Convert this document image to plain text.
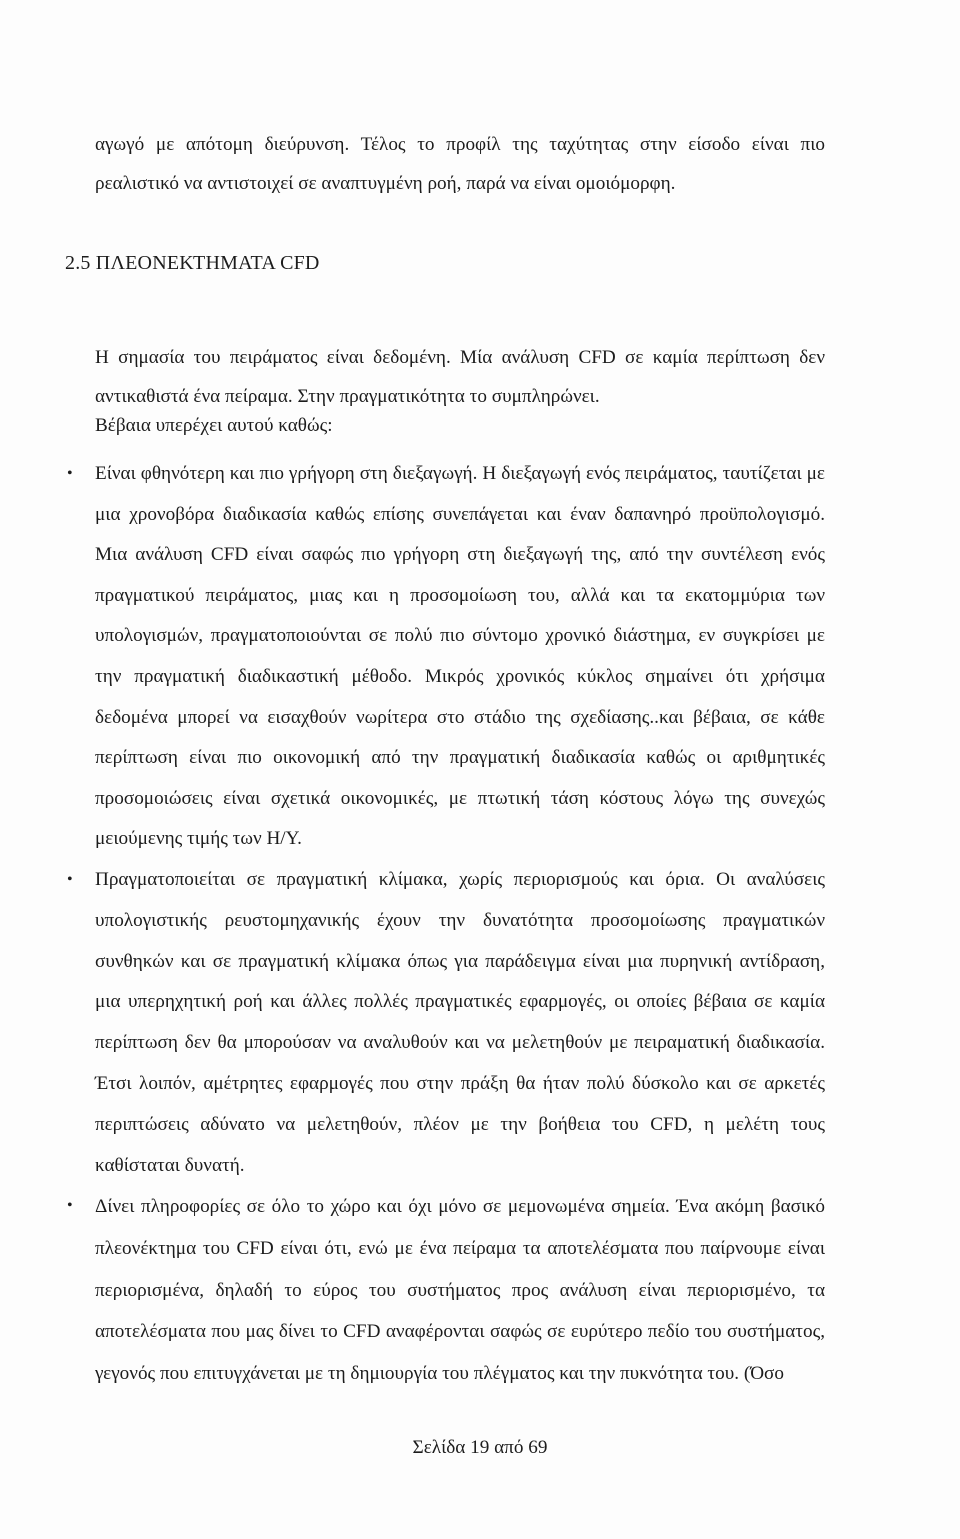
αγωγό με απότομη διεύρυνση. Τέλος το προφίλ της ταχύτητας στην είσοδο είναι πιο ρεαλιστικό να αντιστοιχεί σε αναπτυγμένη ροή, παρά να είναι ομοιόμορφη.

2.5 ΠΛΕΟΝΕΚΤΗΜΑΤΑ CFD

Η σημασία του πειράματος είναι δεδομένη. Μία ανάλυση CFD σε καμία περίπτωση δεν αντικαθιστά ένα πείραμα. Στην πραγματικότητα το συμπληρώνει.

Βέβαια υπερέχει αυτού καθώς:

• Είναι φθηνότερη και πιο γρήγορη στη διεξαγωγή. Η διεξαγωγή ενός πειράματος, ταυτίζεται με μια χρονοβόρα διαδικασία καθώς επίσης συνεπάγεται και έναν δαπανηρό προϋπολογισμό. Μια ανάλυση CFD είναι σαφώς πιο γρήγορη στη διεξαγωγή της, από την συντέλεση ενός πραγματικού πειράματος, μιας και η προσομοίωση του, αλλά και τα εκατομμύρια των υπολογισμών, πραγματοποιούνται σε πολύ πιο σύντομο χρονικό διάστημα, εν συγκρίσει με την πραγματική διαδικαστική μέθοδο. Μικρός χρονικός κύκλος σημαίνει ότι χρήσιμα δεδομένα μπορεί να εισαχθούν νωρίτερα στο στάδιο της σχεδίασης..και βέβαια, σε κάθε περίπτωση είναι πιο οικονομική από την πραγματική διαδικασία καθώς οι αριθμητικές προσομοιώσεις είναι σχετικά οικονομικές, με πτωτική τάση κόστους λόγω της συνεχώς μειούμενης τιμής των Η/Υ.
• Πραγματοποιείται σε πραγματική κλίμακα, χωρίς περιορισμούς και όρια. Οι αναλύσεις υπολογιστικής ρευστομηχανικής έχουν την δυνατότητα προσομοίωσης πραγματικών συνθηκών και σε πραγματική κλίμακα όπως για παράδειγμα είναι μια πυρηνική αντίδραση, μια υπερηχητική ροή και άλλες πολλές πραγματικές εφαρμογές, οι οποίες βέβαια σε καμία περίπτωση δεν θα μπορούσαν να αναλυθούν και να μελετηθούν με πειραματική διαδικασία. Έτσι λοιπόν, αμέτρητες εφαρμογές που στην πράξη θα ήταν πολύ δύσκολο και σε αρκετές περιπτώσεις αδύνατο να μελετηθούν, πλέον με την βοήθεια του CFD, η μελέτη τους καθίσταται δυνατή.
• Δίνει πληροφορίες σε όλο το χώρο και όχι μόνο σε μεμονωμένα σημεία. Ένα ακόμη βασικό πλεονέκτημα του CFD είναι ότι, ενώ με ένα πείραμα τα αποτελέσματα που παίρνουμε είναι περιορισμένα, δηλαδή το εύρος του συστήματος προς ανάλυση είναι περιορισμένο, τα αποτελέσματα που μας δίνει το CFD αναφέρονται σαφώς σε ευρύτερο πεδίο του συστήματος, γεγονός που επιτυγχάνεται με τη δημιουργία του πλέγματος και την πυκνότητα του. (Όσο
Σελίδα 19 από 69
